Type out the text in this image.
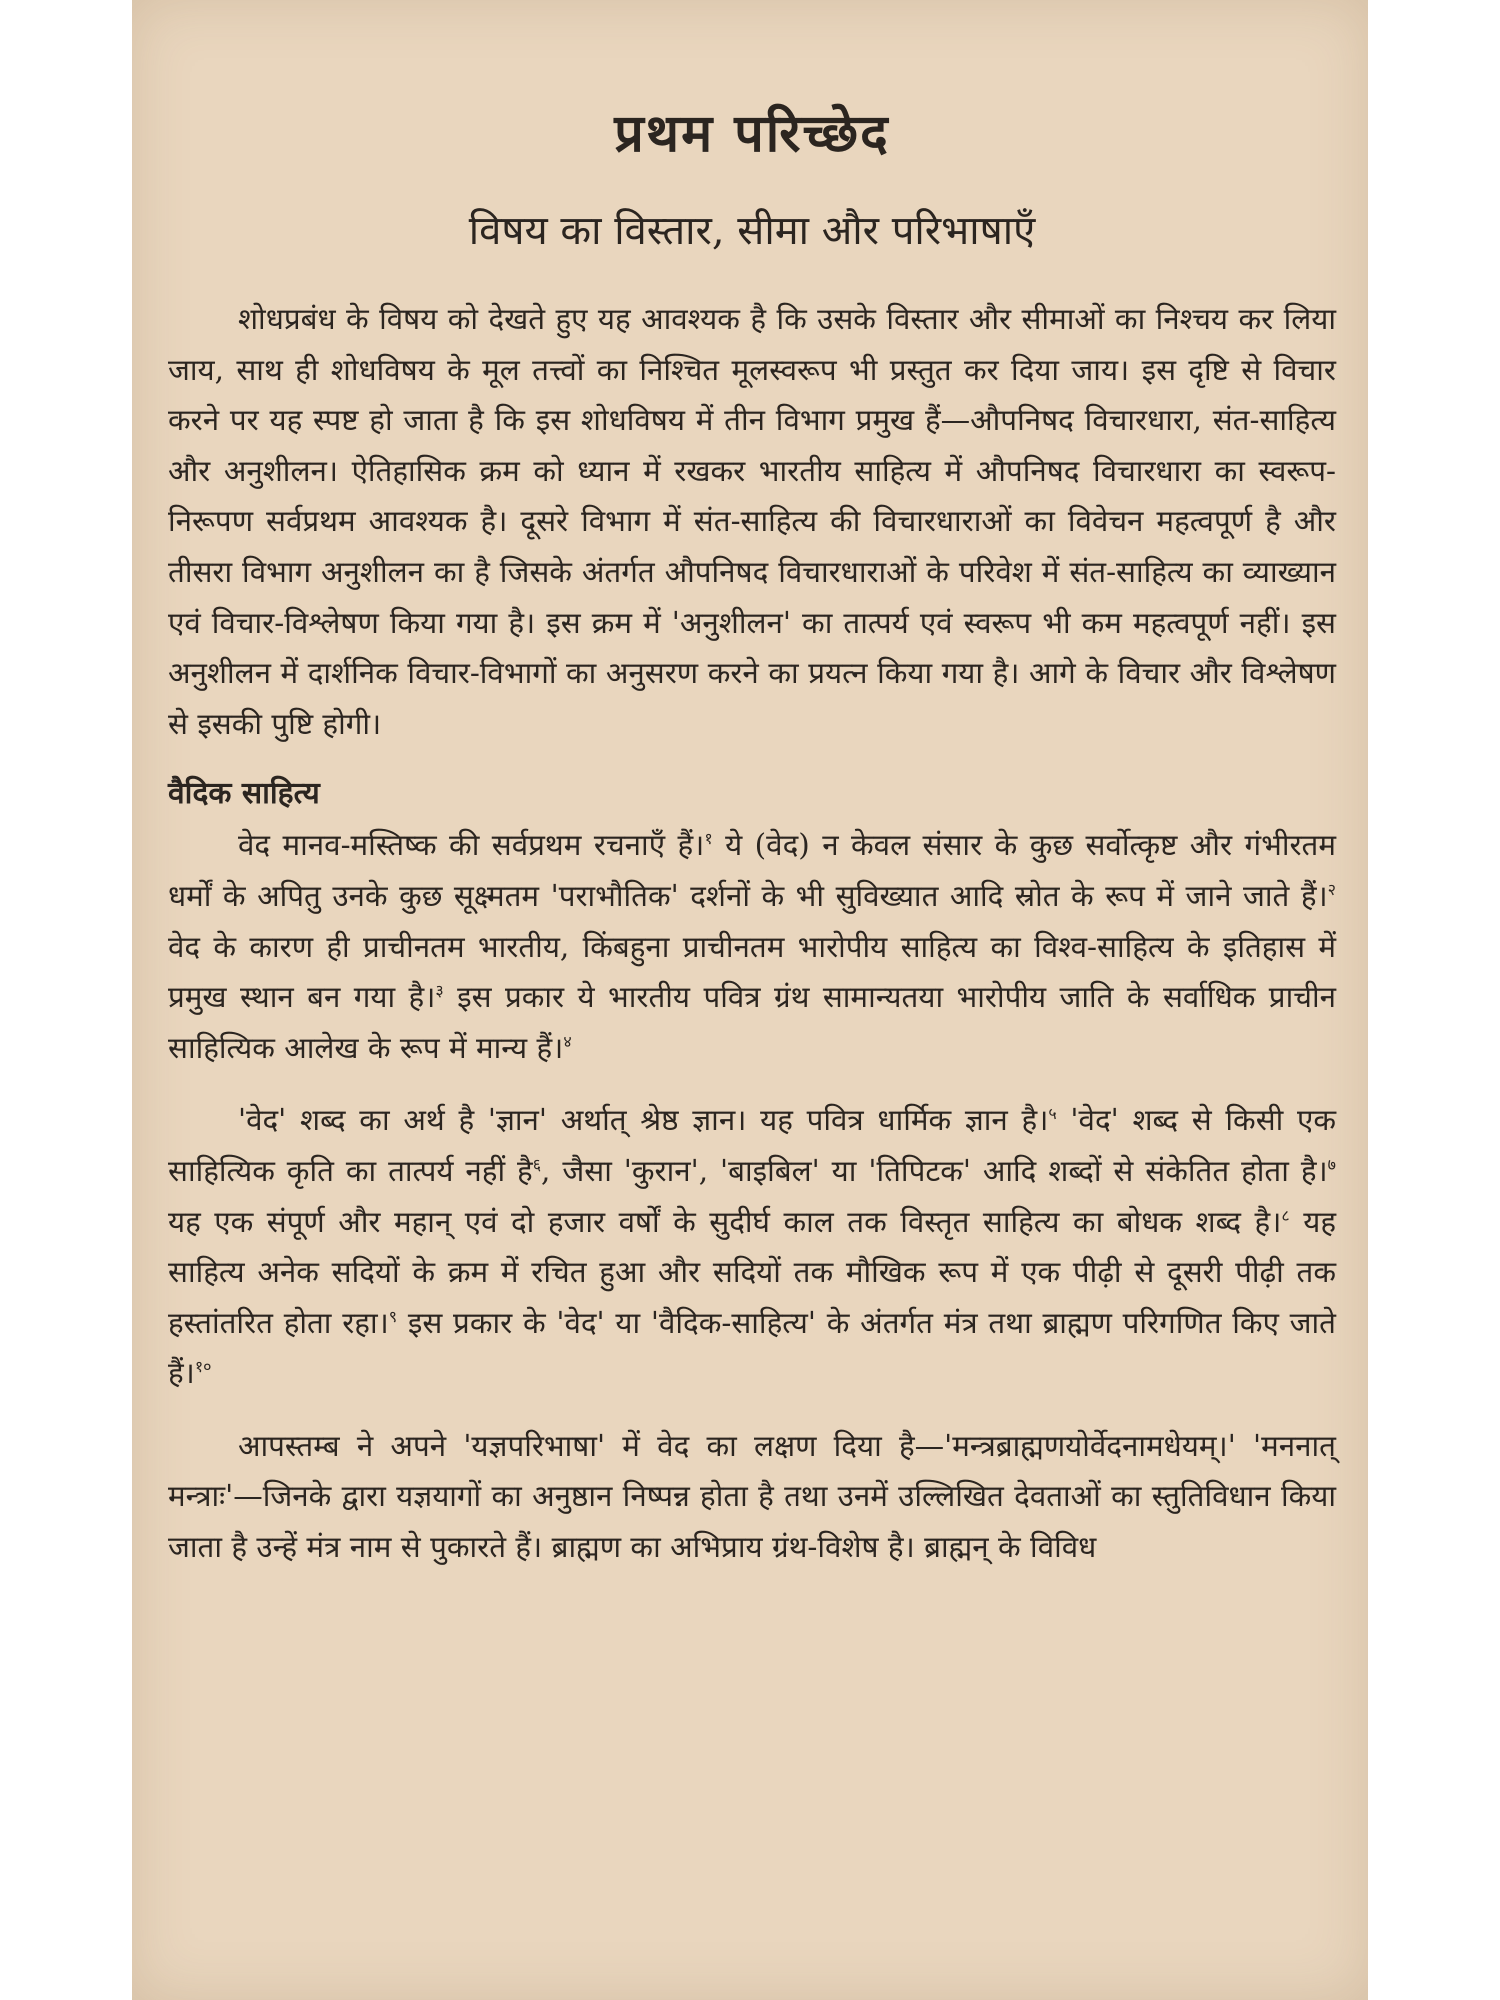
प्रथम परिच्छेद
विषय का विस्तार, सीमा और परिभाषाएँ

शोधप्रबंध के विषय को देखते हुए यह आवश्यक है कि उसके विस्तार और सीमाओं का निश्चय कर लिया जाय, साथ ही शोधविषय के मूल तत्त्वों का निश्चित मूलस्वरूप भी प्रस्तुत कर दिया जाय। इस दृष्टि से विचार करने पर यह स्पष्ट हो जाता है कि इस शोधविषय में तीन विभाग प्रमुख हैं—औपनिषद विचारधारा, संत-साहित्य और अनुशीलन। ऐतिहासिक क्रम को ध्यान में रखकर भारतीय साहित्य में औपनिषद विचारधारा का स्वरूप-निरूपण सर्वप्रथम आवश्यक है। दूसरे विभाग में संत-साहित्य की विचारधाराओं का विवेचन महत्वपूर्ण है और तीसरा विभाग अनुशीलन का है जिसके अंतर्गत औपनिषद विचारधाराओं के परिवेश में संत-साहित्य का व्याख्यान एवं विचार-विश्लेषण किया गया है। इस क्रम में 'अनुशीलन' का तात्पर्य एवं स्वरूप भी कम महत्वपूर्ण नहीं। इस अनुशीलन में दार्शनिक विचार-विभागों का अनुसरण करने का प्रयत्न किया गया है। आगे के विचार और विश्लेषण से इसकी पुष्टि होगी।

वैदिक साहित्य

वेद मानव-मस्तिष्क की सर्वप्रथम रचनाएँ हैं।$^१$ ये (वेद) न केवल संसार के कुछ सर्वोत्कृष्ट और गंभीरतम धर्मों के अपितु उनके कुछ सूक्ष्मतम 'पराभौतिक' दर्शनों के भी सुविख्यात आदि स्रोत के रूप में जाने जाते हैं।$^२$ वेद के कारण ही प्राचीनतम भारतीय, किंबहुना प्राचीनतम भारोपीय साहित्य का विश्व-साहित्य के इतिहास में प्रमुख स्थान बन गया है।$^३$ इस प्रकार ये भारतीय पवित्र ग्रंथ सामान्यतया भारोपीय जाति के सर्वाधिक प्राचीन साहित्यिक आलेख के रूप में मान्य हैं।$^४$

'वेद' शब्द का अर्थ है 'ज्ञान' अर्थात् श्रेष्ठ ज्ञान। यह पवित्र धार्मिक ज्ञान है।$^५$ 'वेद' शब्द से किसी एक साहित्यिक कृति का तात्पर्य नहीं है$^६$, जैसा 'कुरान', 'बाइबिल' या 'तिपिटक' आदि शब्दों से संकेतित होता है।$^७$ यह एक संपूर्ण और महान् एवं दो हजार वर्षों के सुदीर्घ काल तक विस्तृत साहित्य का बोधक शब्द है।$^८$ यह साहित्य अनेक सदियों के क्रम में रचित हुआ और सदियों तक मौखिक रूप में एक पीढ़ी से दूसरी पीढ़ी तक हस्तांतरित होता रहा।$^९$ इस प्रकार के 'वेद' या 'वैदिक-साहित्य' के अंतर्गत मंत्र तथा ब्राह्मण परिगणित किए जाते हैं।$^{१०}$

आपस्तम्ब ने अपने 'यज्ञपरिभाषा' में वेद का लक्षण दिया है—'मन्त्रब्राह्मणयोर्वेदनामधेयम्।' 'मननात् मन्त्राः'—जिनके द्वारा यज्ञयागों का अनुष्ठान निष्पन्न होता है तथा उनमें उल्लिखित देवताओं का स्तुतिविधान किया जाता है उन्हें मंत्र नाम से पुकारते हैं। ब्राह्मण का अभिप्राय ग्रंथ-विशेष है। ब्राह्मन् के विविध
